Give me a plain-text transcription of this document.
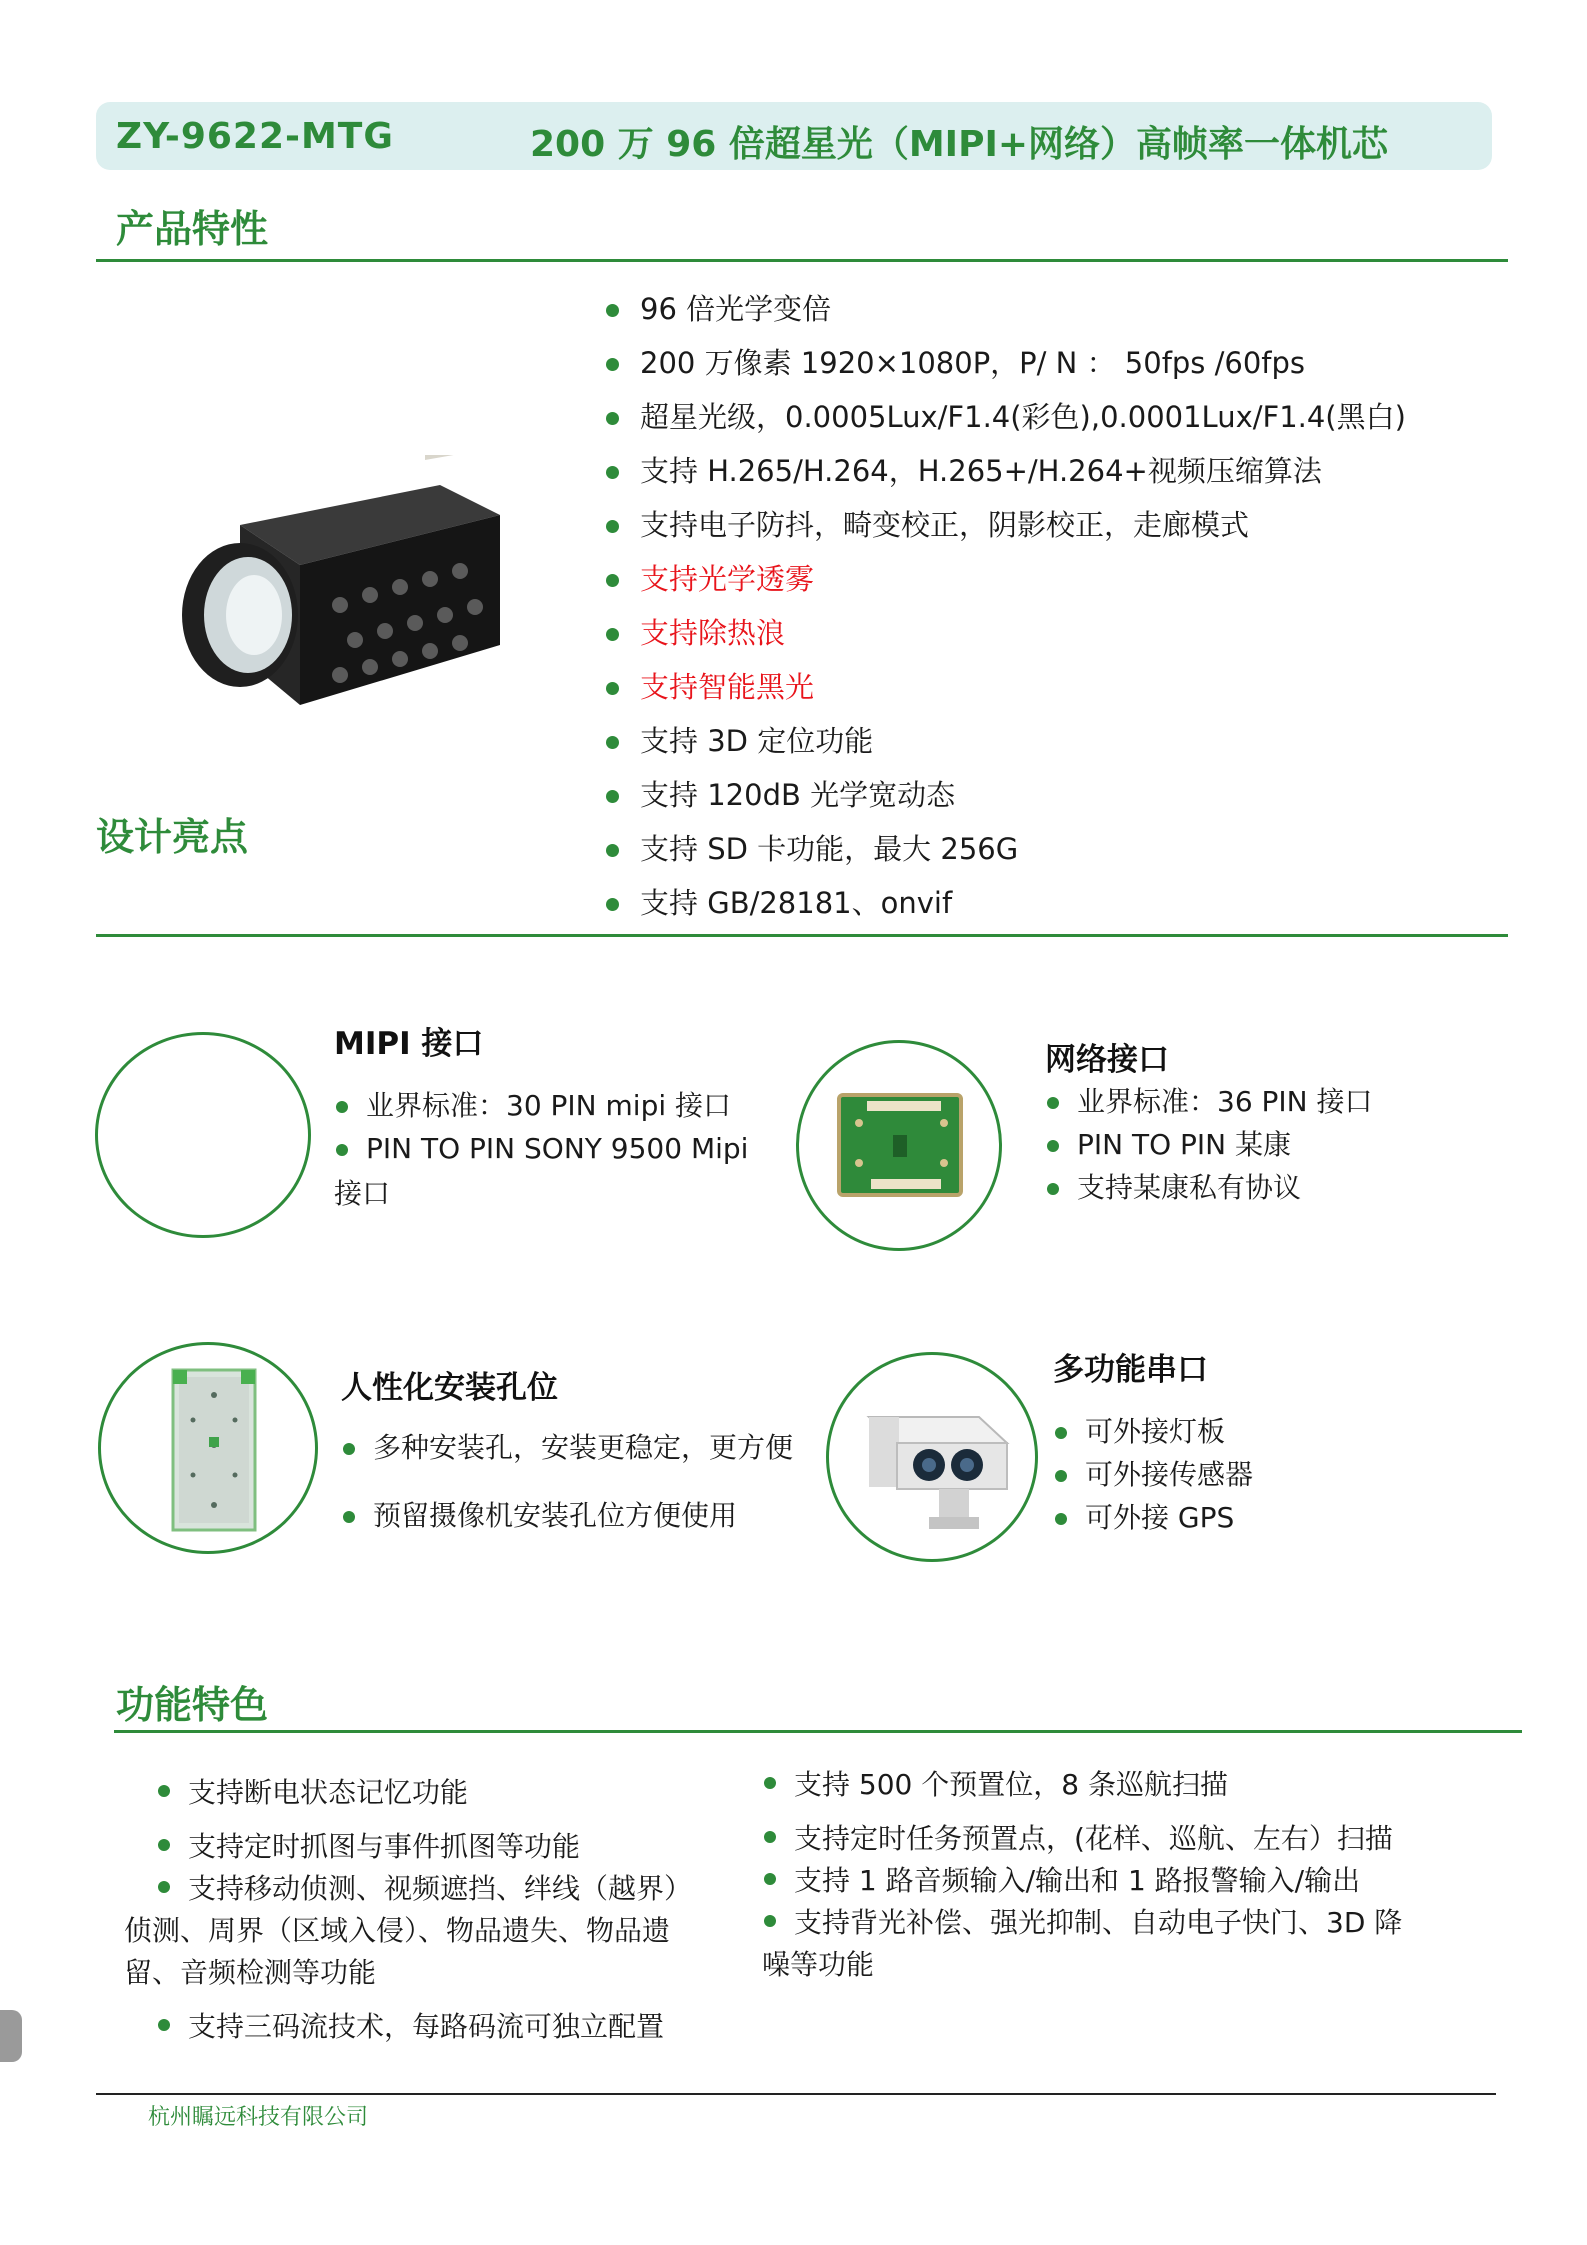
ZY-9622-MTG	200 万 96 倍超星光（MIPI+网络）高帧率一体机芯
产品特性
96 倍光学变倍
200 万像素 1920×1080P，P/ N ： 50fps /60fps
超星光级，0.0005Lux/F1.4(彩色),0.0001Lux/F1.4(黑白)
支持 H.265/H.264，H.265+/H.264+视频压缩算法
支持电子防抖，畸变校正，阴影校正，走廊模式
支持光学透雾
支持除热浪
支持智能黑光
支持 3D 定位功能
支持 120dB 光学宽动态
支持 SD 卡功能，最大 256G
支持 GB/28181、onvif
设计亮点
MIPI 接口
业界标准：30 PIN mipi 接口
PIN TO PIN SONY 9500 Mipi
接口
网络接口
业界标准：36 PIN 接口
PIN TO PIN 某康
支持某康私有协议
人性化安装孔位
多种安装孔，安装更稳定，更方便
预留摄像机安装孔位方便使用
多功能串口
可外接灯板
可外接传感器
可外接 GPS
功能特色
支持断电状态记忆功能
支持定时抓图与事件抓图等功能
支持移动侦测、视频遮挡、绊线（越界）
侦测、周界（区域入侵）、物品遗失、物品遗
留、音频检测等功能
支持三码流技术，每路码流可独立配置
支持 500 个预置位，8 条巡航扫描
支持定时任务预置点，(花样、巡航、左右）扫描
支持 1 路音频输入/输出和 1 路报警输入/输出
支持背光补偿、强光抑制、自动电子快门、3D 降
噪等功能
杭州瞩远科技有限公司
